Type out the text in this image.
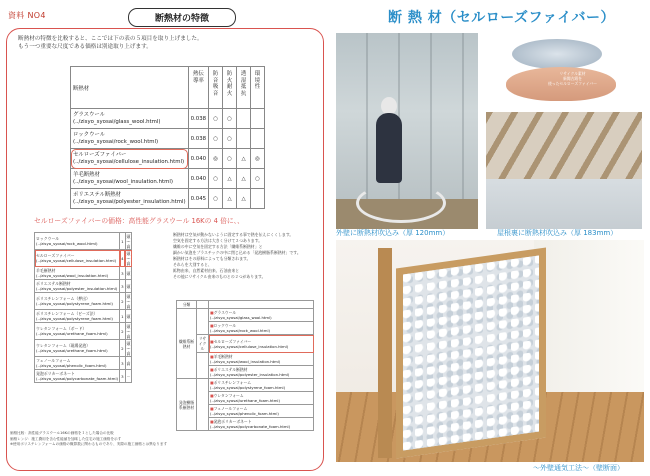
資料 NO4	断熱材の特徴	断 熱 材（セルローズファイバー）
断熱材の特徴を比較すると、ここでは下の表の５項目を取り上げました。
もう一つ重要な尺度である価格は別途取り上げます。
断熱材	熱伝導率	防音吸音	防火耐火	透湿抵抗	環境性
グラスウール
(../zisyo_syosai/glass_wool.html)	0.038	○	○		
ロックウール
(../zisyo_syosai/rock_wool.html)	0.038	○	○		
セルローズファイバー
(../zisyo_syosai/cellulose_insulation.html)	0.040	◎	○	△	◎
羊毛断熱材
(../zisyo_syosai/wool_insulation.html)	0.040	○	△	△	○
ポリエステル断熱材
(../zisyo_syosai/polyester_insulation.html)	0.045	○	△	△	
セルローズファイバーの価格：高性能グラスウール 16Kの 4 倍に、、
ロックウール (../zisyo_syosai/rock_wool.html)	1	頭～高
セルローズファイバー (../zisyo_syosai/cellulose_insulation.html)	4	頭～高
羊毛断熱材 (../zisyo_syosai/wool_insulation.html)	3	頭
ポリエステル断熱材 (../zisyo_syosai/polyester_insulation.html)	3	頭
ポリスチレンフォーム（押出）(../zisyo_syosai/polystyrene_foam.html)	2	頭～高
ポリスチレンフォーム（ビーズ法）(../zisyo_syosai/polystyrene_foam.html)	1	頭
ウレタンフォーム（ボード）(../zisyo_syosai/urethane_foam.html)	2	頭～高
ウレタンフォーム（現場発泡）(../zisyo_syosai/urethane_foam.html)	2	頭～高
フェノールフォーム (../zisyo_syosai/phenolic_foam.html)	3	高
発泡ポリカーボネート (../zisyo_syosai/polycarbonate_foam.html)	3	－
価格比較：高性能グラスウール16Kの価格を１とした場合の比較
価格レンジ：施工費用を含む性能値を加味した住宅の施工価格を示す
※使用ポリスチレンフォームの価格の概算数に関わるものであり、実際の施工価格とは異なります
断熱材は空気が動かないように固定する事で熱を伝えにくくします。
空気を固定する方法は大きく分けて２つあります。
繊維の中に空気を固定する方法「繊維系断熱材」と
細かい気泡をプラスチックの中に閉じ込める「発泡樹脂系断熱材」です。
断熱材はその原料によっても分類されます。
それらを大別すると、
鉱物由来、自然素材由来、石油由来と
その他にリサイクル由来のものとの２つがあります。
分類		
繊維系断熱材		■グラスウール
(../zisyo_syosai/glass_wool.html)
		■ロックウール
(../zisyo_syosai/rock_wool.html)
	リサイクル	■セルローズファイバー
(../zisyo_syosai/cellulose_insulation.html)
		■羊毛断熱材
(../zisyo_syosai/wool_insulation.html)
		■ポリエステル断熱材
(../zisyo_syosai/polyester_insulation.html)
発泡樹脂系断熱材		■ポリスチレンフォーム
(../zisyo_syosai/polystyrene_foam.html)
		■ウレタンフォーム
(../zisyo_syosai/urethane_foam.html)
		■フェノールフォーム
(../zisyo_syosai/phenolic_foam.html)
		■発泡ポリカーボネート
(../zisyo_syosai/polycarbonate_foam.html)
リサイクル素材
新聞古紙を
使ったセルローズファイバー
外壁に断熱材吹込み（厚 120mm）	屋根裏に断熱材吹込み（厚 183mm）
～外壁通気工法～（壁断面）
